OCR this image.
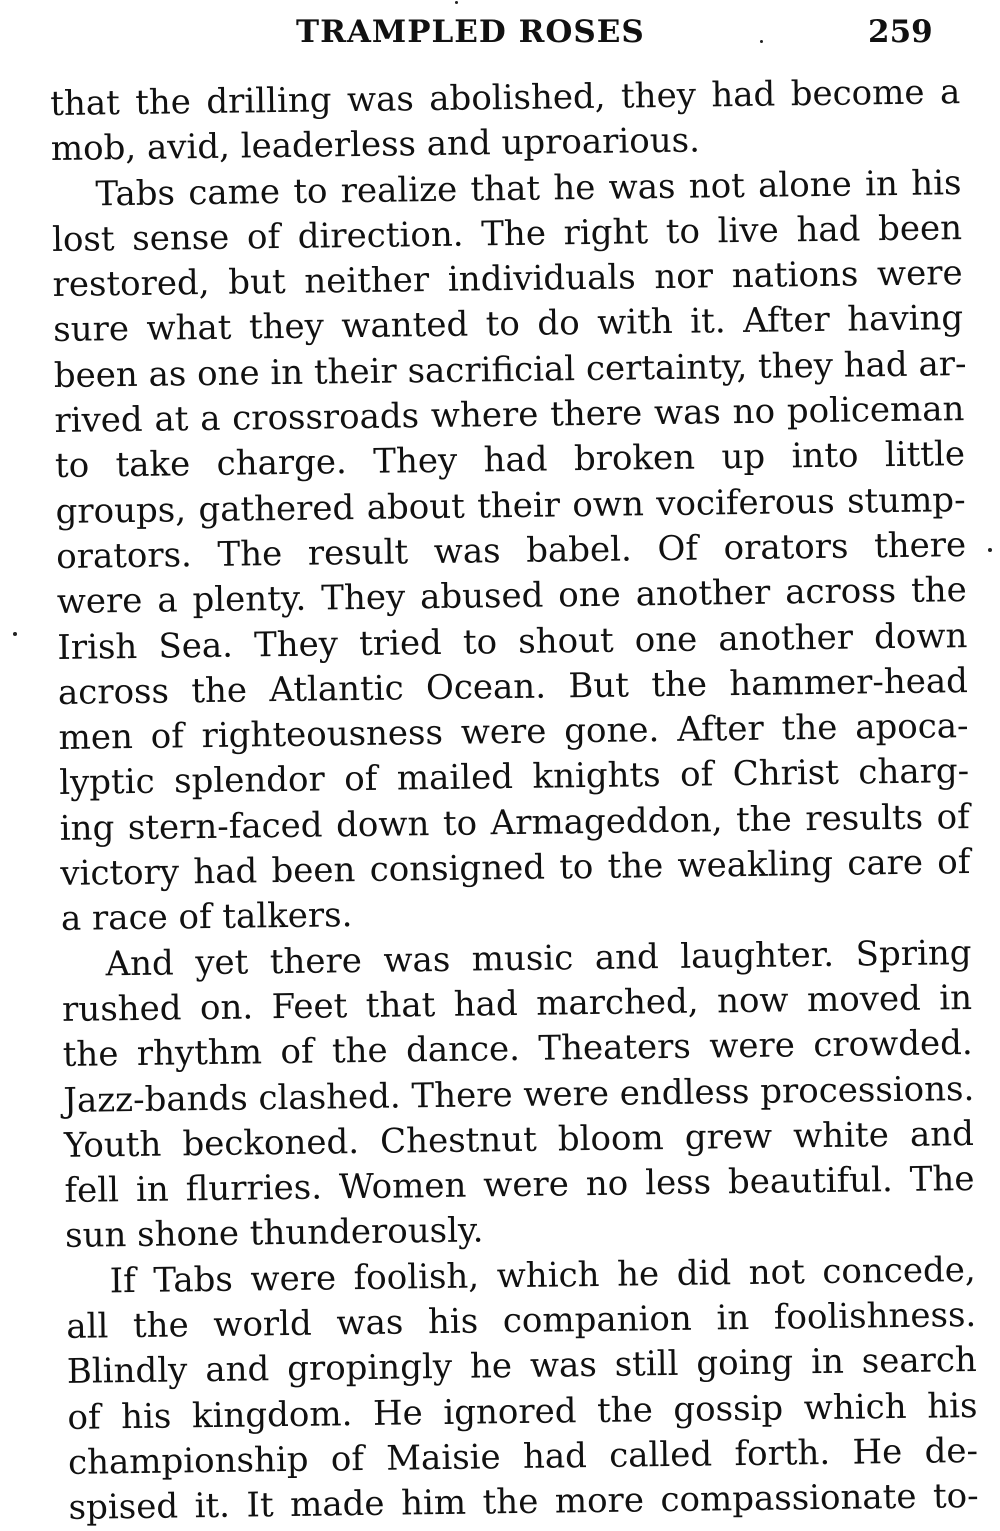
TRAMPLED ROSES	259
that the drilling was abolished, they had become a
mob, avid, leaderless and uproarious.
Tabs came to realize that he was not alone in his
lost sense of direction. The right to live had been
restored, but neither individuals nor nations were
sure what they wanted to do with it. After having
been as one in their sacrificial certainty, they had ar-
rived at a crossroads where there was no policeman
to take charge. They had broken up into little
groups, gathered about their own vociferous stump-
orators. The result was babel. Of orators there
were a plenty. They abused one another across the
Irish Sea. They tried to shout one another down
across the Atlantic Ocean. But the hammer-head
men of righteousness were gone. After the apoca-
lyptic splendor of mailed knights of Christ charg-
ing stern-faced down to Armageddon, the results of
victory had been consigned to the weakling care of
a race of talkers.
And yet there was music and laughter. Spring
rushed on. Feet that had marched, now moved in
the rhythm of the dance. Theaters were crowded.
Jazz-bands clashed. There were endless processions.
Youth beckoned. Chestnut bloom grew white and
fell in flurries. Women were no less beautiful. The
sun shone thunderously.
If Tabs were foolish, which he did not concede,
all the world was his companion in foolishness.
Blindly and gropingly he was still going in search
of his kingdom. He ignored the gossip which his
championship of Maisie had called forth. He de-
spised it. It made him the more compassionate to-
